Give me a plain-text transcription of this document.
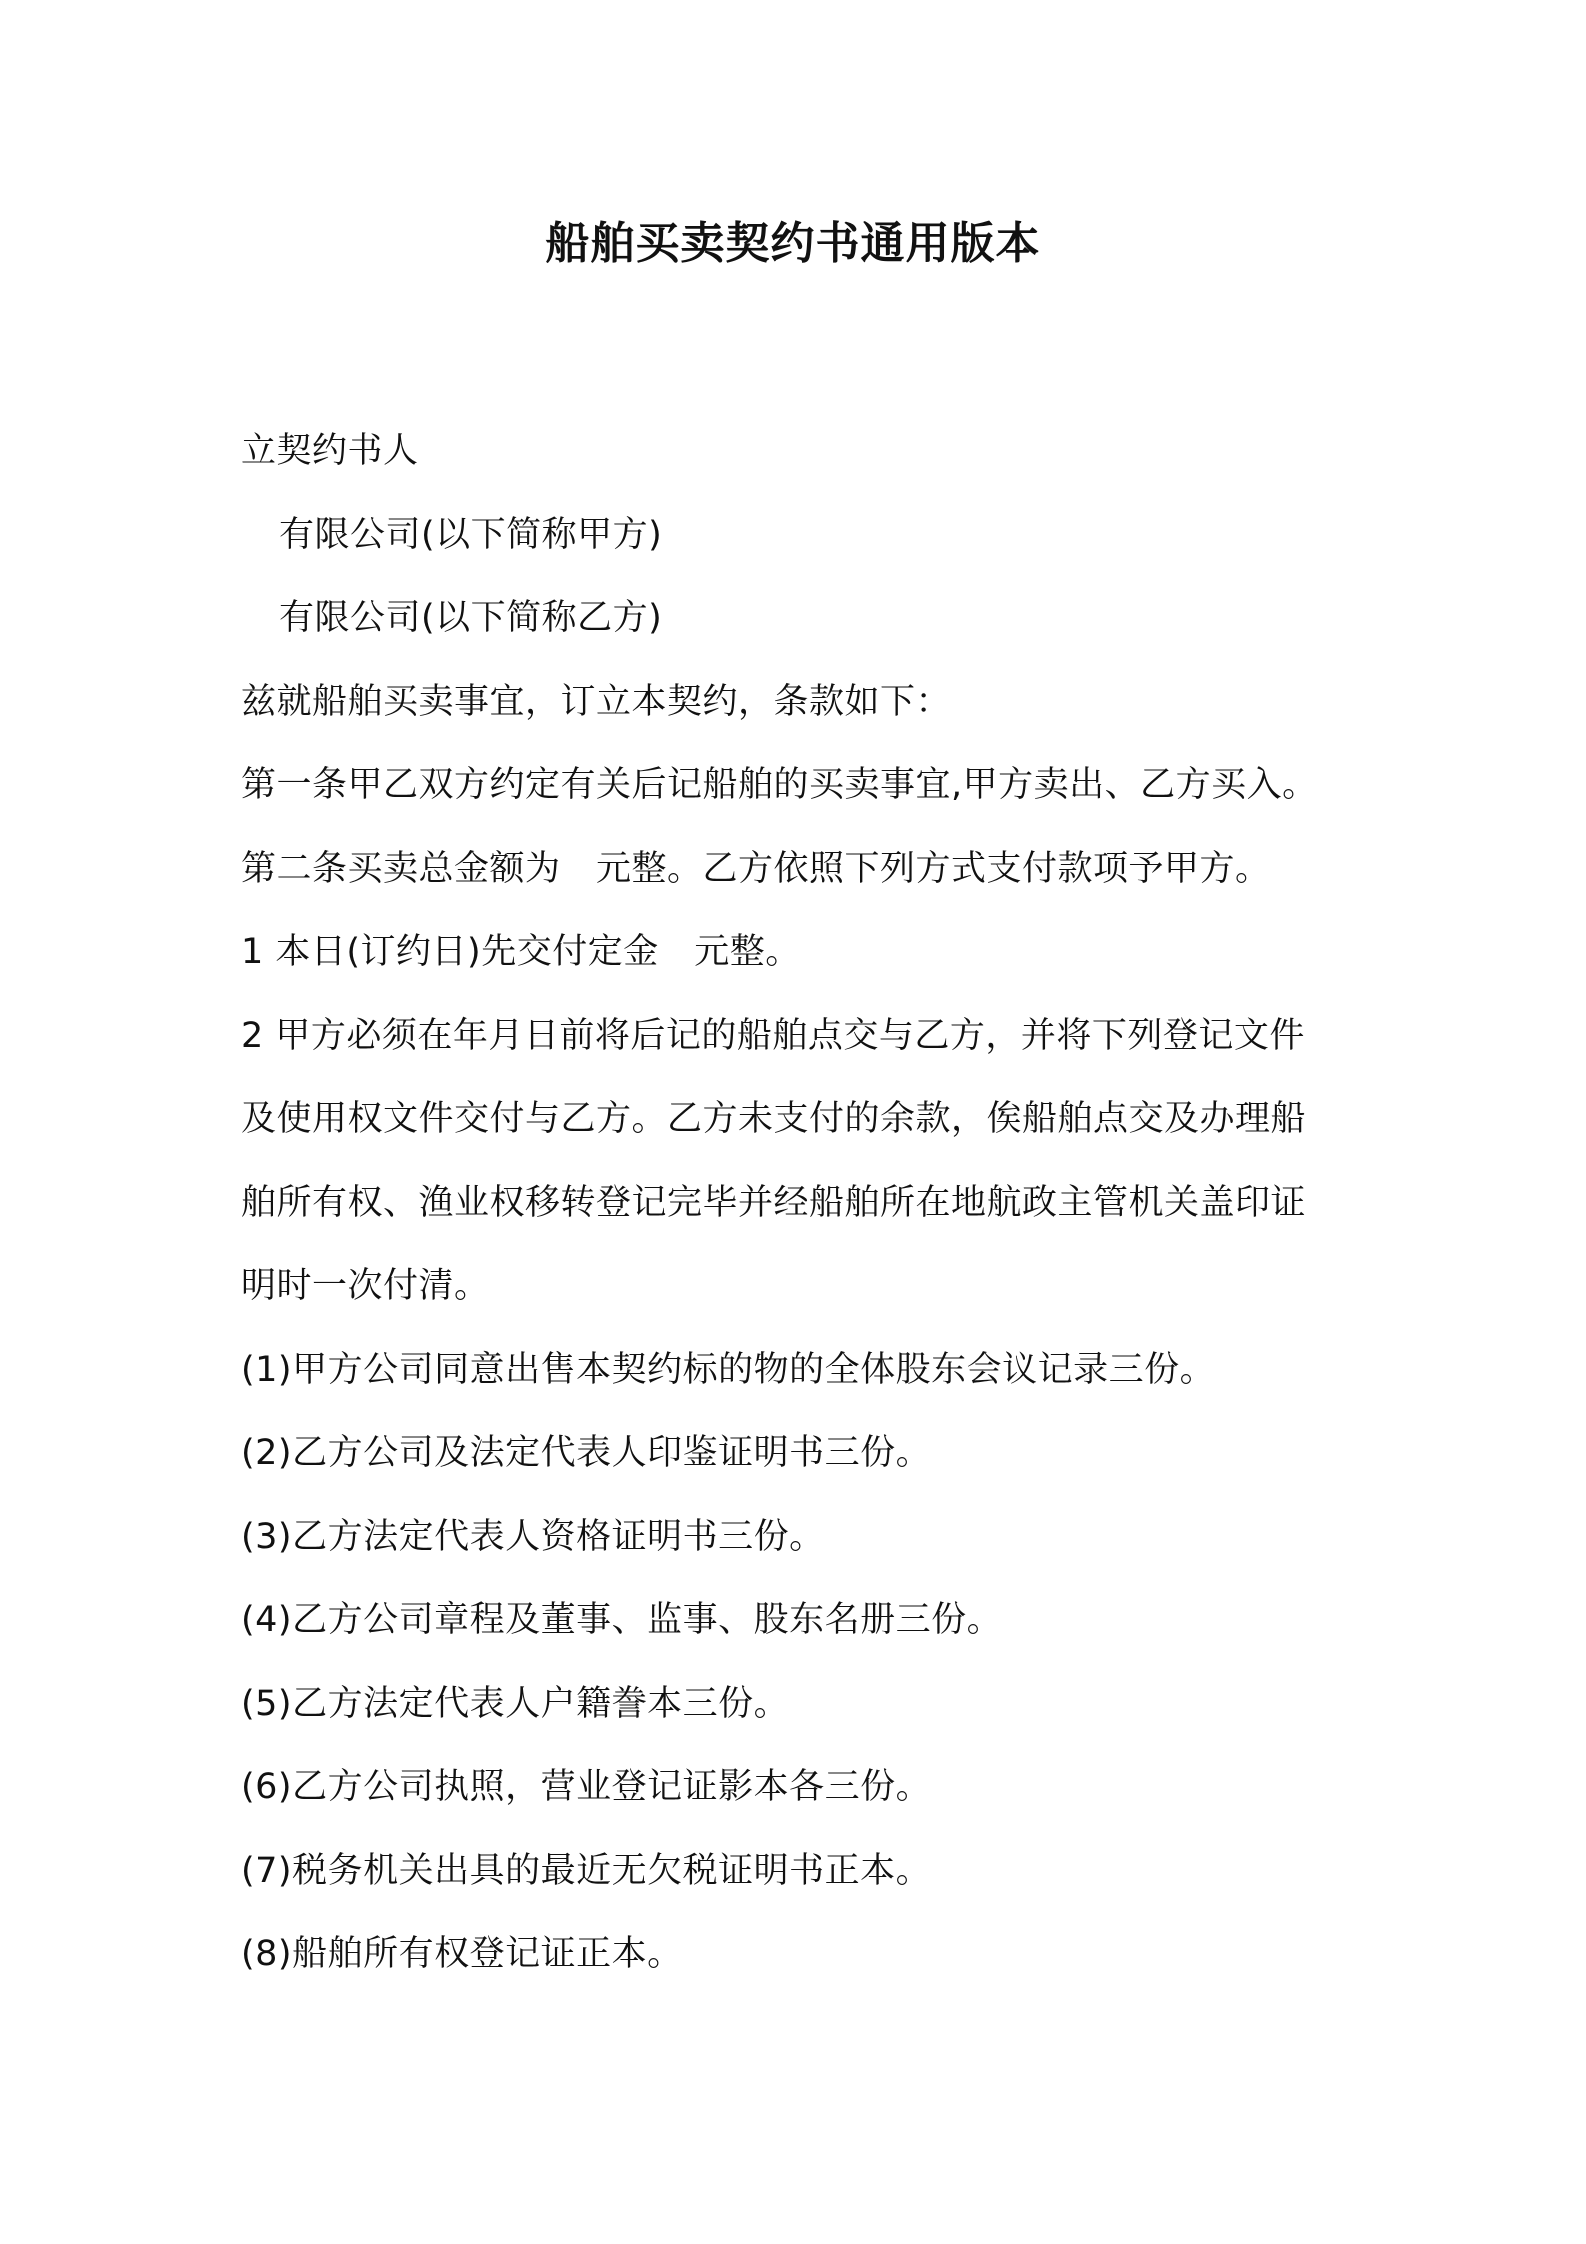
船舶买卖契约书通用版本
立契约书人
有限公司(以下简称甲方)
有限公司(以下简称乙方)
兹就船舶买卖事宜，订立本契约，条款如下：
第一条甲乙双方约定有关后记船舶的买卖事宜,甲方卖出、乙方买入。
第二条买卖总金额为　元整。乙方依照下列方式支付款项予甲方。
1 本日(订约日)先交付定金　元整。
2 甲方必须在年月日前将后记的船舶点交与乙方，并将下列登记文件
及使用权文件交付与乙方。乙方未支付的余款，俟船舶点交及办理船
舶所有权、渔业权移转登记完毕并经船舶所在地航政主管机关盖印证
明时一次付清。
(1)甲方公司同意出售本契约标的物的全体股东会议记录三份。
(2)乙方公司及法定代表人印鉴证明书三份。
(3)乙方法定代表人资格证明书三份。
(4)乙方公司章程及董事、监事、股东名册三份。
(5)乙方法定代表人户籍誊本三份。
(6)乙方公司执照，营业登记证影本各三份。
(7)税务机关出具的最近无欠税证明书正本。
(8)船舶所有权登记证正本。
